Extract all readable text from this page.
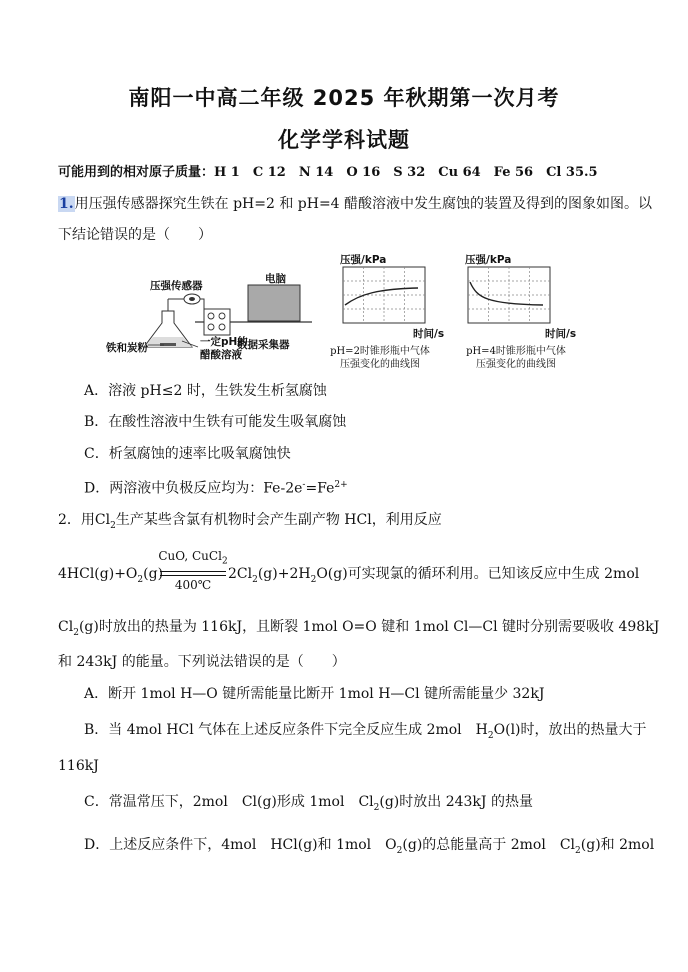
南阳一中高二年级 2025 年秋期第一次月考
化学学科试题
可能用到的相对原子质量：H 1　C 12　N 14　O 16　S 32　Cu 64　Fe 56　Cl 35.5
1.用压强传感器探究生铁在 pH=2 和 pH=4 醋酸溶液中发生腐蚀的装置及得到的图象如图。以
下结论错误的是（　　）
压强传感器
电脑
铁和炭粉	一定pH的
醋酸溶液
数据采集器
压强/kPa
时间/s
pH=2时锥形瓶中气体
压强变化的曲线图
压强/kPa
时间/s
pH=4时锥形瓶中气体
压强变化的曲线图
A．溶液 pH≤2 时，生铁发生析氢腐蚀
B．在酸性溶液中生铁有可能发生吸氧腐蚀
C．析氢腐蚀的速率比吸氧腐蚀快
D．两溶液中负极反应均为：$Fe-2e^-=Fe^{2+}$
2．用$Cl_2$生产某些含氯有机物时会产生副产物 HCl，利用反应
$4HCl(g)+O_2(g)$
CuO, CuCl$_2$
400℃
$2Cl_2(g)+2H_2O(g)$可实现氯的循环利用。已知该反应中生成 2mol
$Cl_2(g)$时放出的热量为 116kJ，且断裂 1mol O=O 键和 1mol Cl—Cl 键时分别需要吸收 498kJ
和 243kJ 的能量。下列说法错误的是（　　）
A．断开 1mol H—O 键所需能量比断开 1mol H—Cl 键所需能量少 32kJ
B．当 4mol HCl 气体在上述反应条件下完全反应生成 2mol　 $H_2O(l)$时，放出的热量大于
116kJ
C．常温常压下，2mol　 Cl(g)形成 1mol　 $Cl_2(g)$时放出 243kJ 的热量
D．上述反应条件下，4mol　 HCl(g)和 1mol　 $O_2(g)$的总能量高于 2mol　 $Cl_2(g)$和 2mol
